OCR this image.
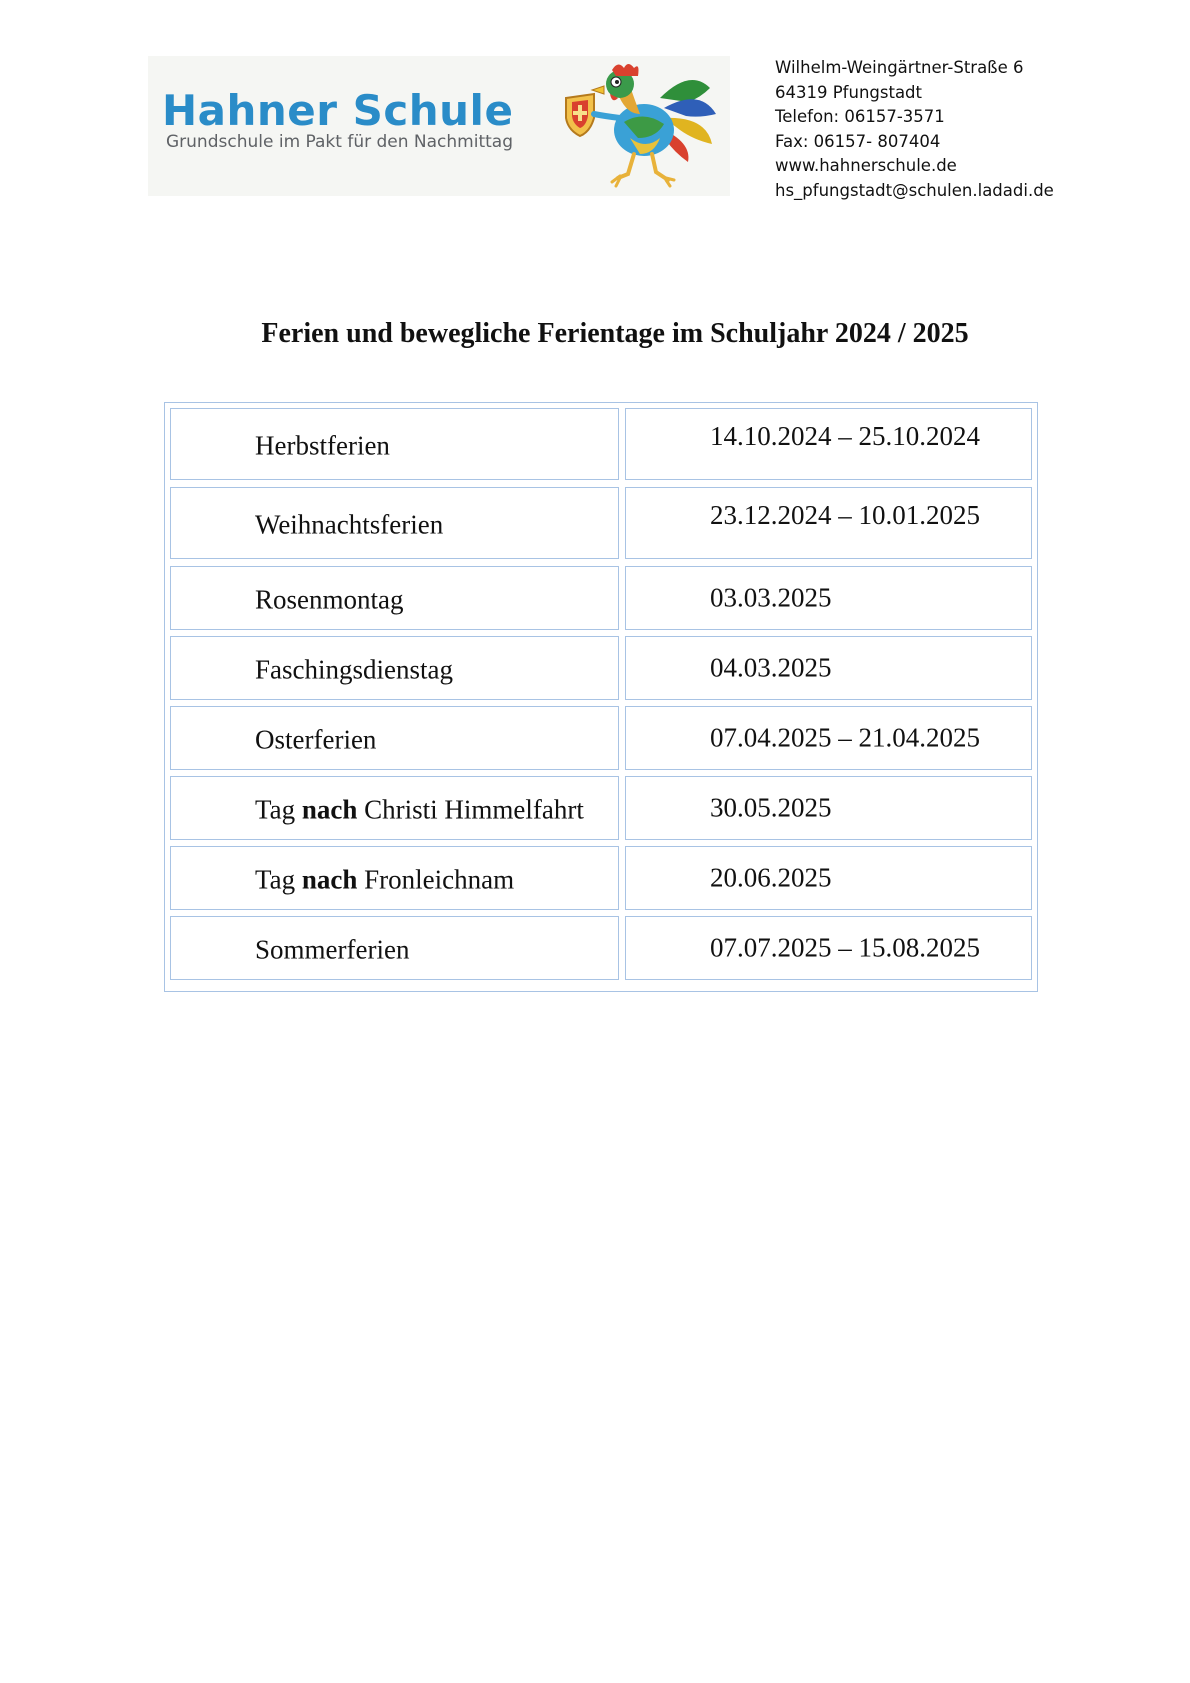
Hahner Schule
Grundschule im Pakt für den Nachmittag
Wilhelm-Weingärtner-Straße 6
64319 Pfungstadt
Telefon: 06157-3571
Fax: 06157- 807404
www.hahnerschule.de
hs_pfungstadt@schulen.ladadi.de
Ferien und bewegliche Ferientage im Schuljahr 2024 / 2025
Herbstferien	14.10.2024 – 25.10.2024
Weihnachtsferien	23.12.2024 – 10.01.2025
Rosenmontag	03.03.2025
Faschingsdienstag	04.03.2025
Osterferien	07.04.2025 – 21.04.2025
Tag nach Christi Himmelfahrt	30.05.2025
Tag nach Fronleichnam	20.06.2025
Sommerferien	07.07.2025 – 15.08.2025
